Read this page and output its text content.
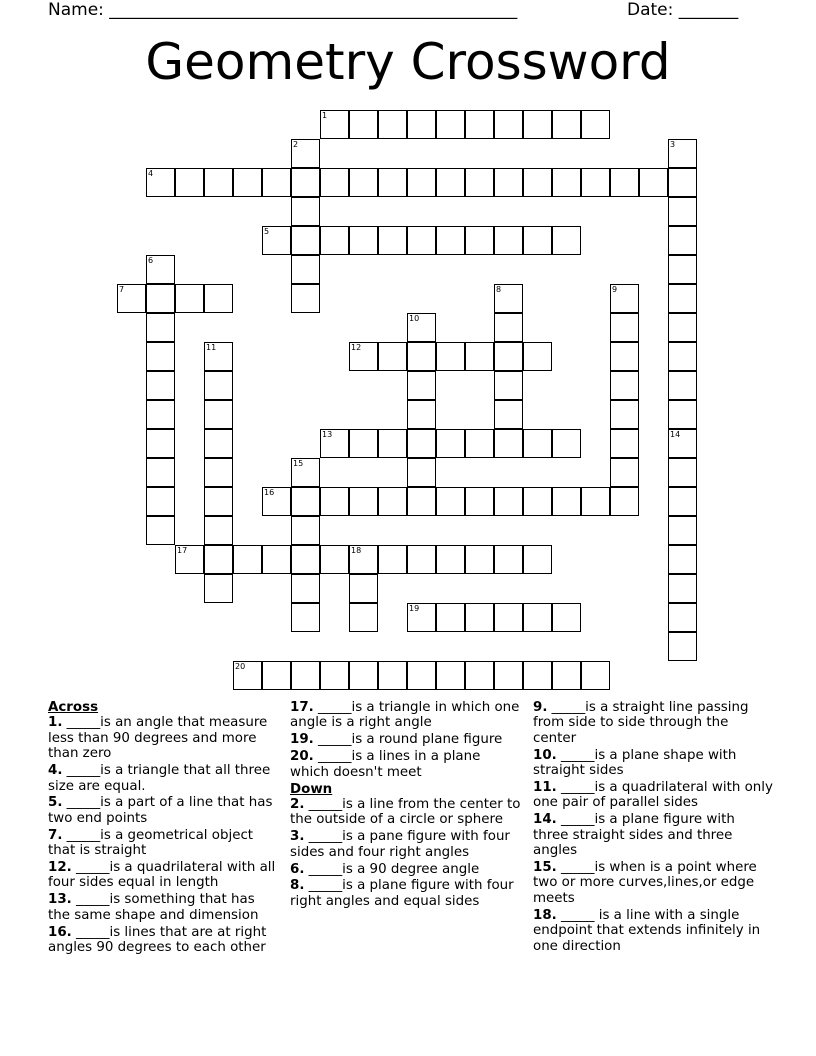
Name: ________________________________________________	Date: _______
Geometry Crossword
1
2	3
4
5
6
7	8	9
10
11	12
13	14
15
16
17	18
19
20
Across
1. _____is an angle that measure less than 90 degrees and more than zero
4. _____is a triangle that all three size are equal.
5. _____is a part of a line that has two end points
7. _____is a geometrical object that is straight
12. _____is a quadrilateral with all four sides equal in length
13. _____is something that has the same shape and dimension
16. _____is lines that are at right angles 90 degrees to each other
17. _____is a triangle in which one angle is a right angle
19. _____is a round plane figure
20. _____is a lines in a plane which doesn't meet
Down
2. _____is a line from the center to the outside of a circle or sphere
3. _____is a pane figure with four sides and four right angles
6. _____is a 90 degree angle
8. _____is a plane figure with four right angles and equal sides
9. _____is a straight line passing from side to side through the center
10. _____is a plane shape with straight sides
11. _____is a quadrilateral with only one pair of parallel sides
14. _____is a plane figure with three straight sides and three angles
15. _____is when is a point where two or more curves,lines,or edge meets
18. _____ is a line with a single endpoint that extends infinitely in one direction
